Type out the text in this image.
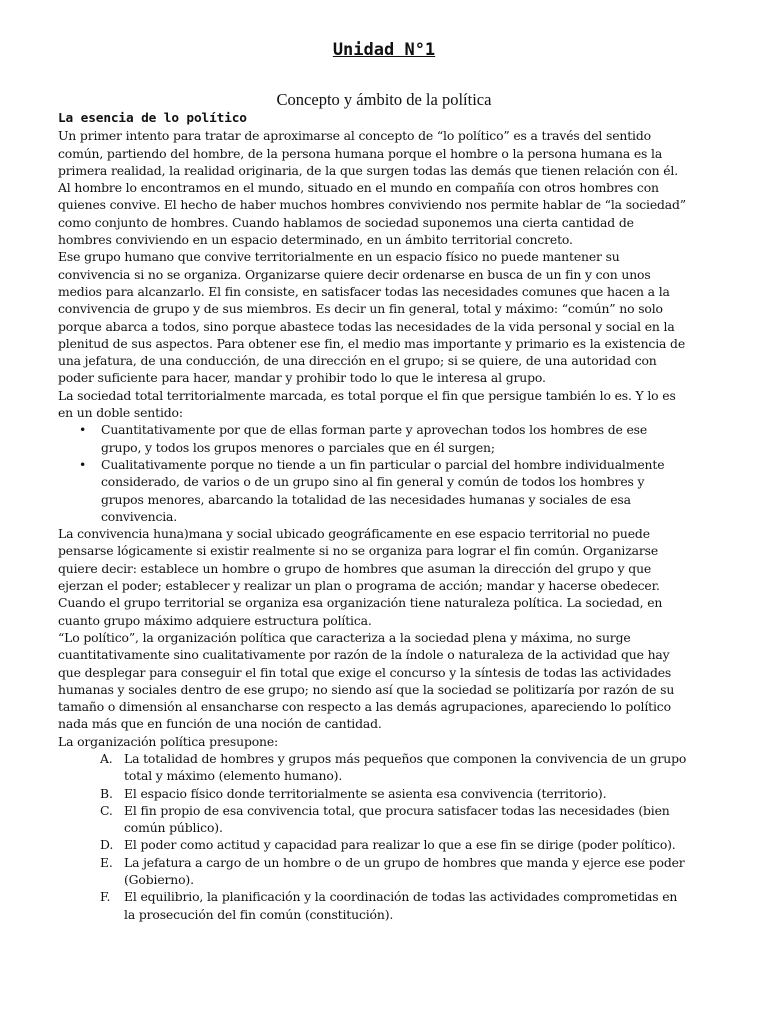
Unidad N°1
Concepto y ámbito de la política
La esencia de lo político

Un primer intento para tratar de aproximarse al concepto de “lo político” es a través del sentido común, partiendo del hombre, de la persona humana porque el hombre o la persona humana es la primera realidad, la realidad originaria, de la que surgen todas las demás que tienen relación con él. Al hombre lo encontramos en el mundo, situado en el mundo en compañía con otros hombres con quienes convive. El hecho de haber muchos hombres conviviendo nos permite hablar de “la sociedad” como conjunto de hombres. Cuando hablamos de sociedad suponemos una cierta cantidad de hombres conviviendo en un espacio determinado, en un ámbito territorial concreto.

Ese grupo humano que convive territorialmente en un espacio físico no puede mantener su convivencia si no se organiza. Organizarse quiere decir ordenarse en busca de un fin y con unos medios para alcanzarlo. El fin consiste, en satisfacer todas las necesidades comunes que hacen a la convivencia de grupo y de sus miembros. Es decir un fin general, total y máximo: “común” no solo porque abarca a todos, sino porque abastece todas las necesidades de la vida personal y social en la plenitud de sus aspectos. Para obtener ese fin, el medio mas importante y primario es la existencia de una jefatura, de una conducción, de una dirección en el grupo; si se quiere, de una autoridad con poder suficiente para hacer, mandar y prohibir todo lo que le interesa al grupo.

La sociedad total territorialmente marcada, es total porque el fin que persigue también lo es. Y lo es en un doble sentido:

• Cuantitativamente por que de ellas forman parte y aprovechan todos los hombres de ese grupo, y todos los grupos menores o parciales que en él surgen;
• Cualitativamente porque no tiende a un fin particular o parcial del hombre individualmente considerado, de varios o de un grupo sino al fin general y común de todos los hombres y grupos menores, abarcando la totalidad de las necesidades humanas y sociales de esa convivencia.

La convivencia huna)mana y social ubicado geográficamente en ese espacio territorial no puede pensarse lógicamente si existir realmente si no se organiza para lograr el fin común. Organizarse quiere decir: establece un hombre o grupo de hombres que asuman la dirección del grupo y que ejerzan el poder; establecer y realizar un plan o programa de acción; mandar y hacerse obedecer.

Cuando el grupo territorial se organiza esa organización tiene naturaleza política. La sociedad, en cuanto grupo máximo adquiere estructura política.

“Lo político”, la organización política que caracteriza a la sociedad plena y máxima, no surge cuantitativamente sino cualitativamente por razón de la índole o naturaleza de la actividad que hay que desplegar para conseguir el fin total que exige el concurso y la síntesis de todas las actividades humanas y sociales dentro de ese grupo; no siendo así que la sociedad se politizaría por razón de su tamaño o dimensión al ensancharse con respecto a las demás agrupaciones, apareciendo lo político nada más que en función de una noción de cantidad.

La organización política presupone:

A. La totalidad de hombres y grupos más pequeños que componen la convivencia de un grupo total y máximo (elemento humano).
B. El espacio físico donde territorialmente se asienta esa convivencia (territorio).
C. El fin propio de esa convivencia total, que procura satisfacer todas las necesidades (bien común público).
D. El poder como actitud y capacidad para realizar lo que a ese fin se dirige (poder político).
E. La jefatura a cargo de un hombre o de un grupo de hombres que manda y ejerce ese poder (Gobierno).
F. El equilibrio, la planificación y la coordinación de todas las actividades comprometidas en la prosecución del fin común (constitución).
